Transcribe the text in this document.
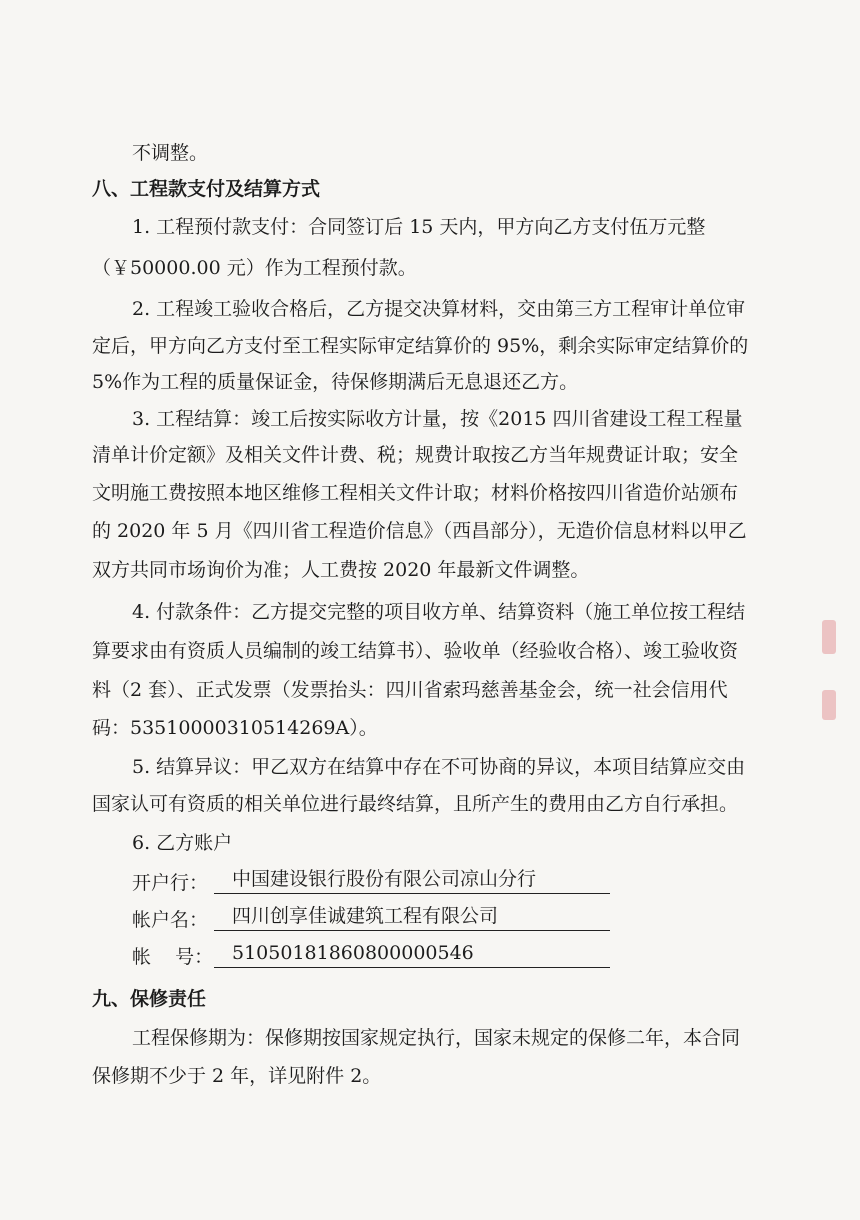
不调整。
八、工程款支付及结算方式
1. 工程预付款支付：合同签订后 15 天内，甲方向乙方支付伍万元整
（￥50000.00 元）作为工程预付款。
2. 工程竣工验收合格后，乙方提交决算材料，交由第三方工程审计单位审
定后，甲方向乙方支付至工程实际审定结算价的 95%，剩余实际审定结算价的
5%作为工程的质量保证金，待保修期满后无息退还乙方。
3. 工程结算：竣工后按实际收方计量，按《2015 四川省建设工程工程量
清单计价定额》及相关文件计费、税；规费计取按乙方当年规费证计取；安全
文明施工费按照本地区维修工程相关文件计取；材料价格按四川省造价站颁布
的 2020 年 5 月《四川省工程造价信息》（西昌部分），无造价信息材料以甲乙
双方共同市场询价为准；人工费按 2020 年最新文件调整。
4. 付款条件：乙方提交完整的项目收方单、结算资料（施工单位按工程结
算要求由有资质人员编制的竣工结算书）、验收单（经验收合格）、竣工验收资
料（2 套）、正式发票（发票抬头：四川省索玛慈善基金会，统一社会信用代
码：53510000310514269A）。
5. 结算异议：甲乙双方在结算中存在不可协商的异议，本项目结算应交由
国家认可有资质的相关单位进行最终结算，且所产生的费用由乙方自行承担。
6. 乙方账户
开户行：	中国建设银行股份有限公司凉山分行
帐户名：	四川创享佳诚建筑工程有限公司
帐    号： 51050181860800000546
九、保修责任
工程保修期为：保修期按国家规定执行，国家未规定的保修二年，本合同
保修期不少于 2 年，详见附件 2。
